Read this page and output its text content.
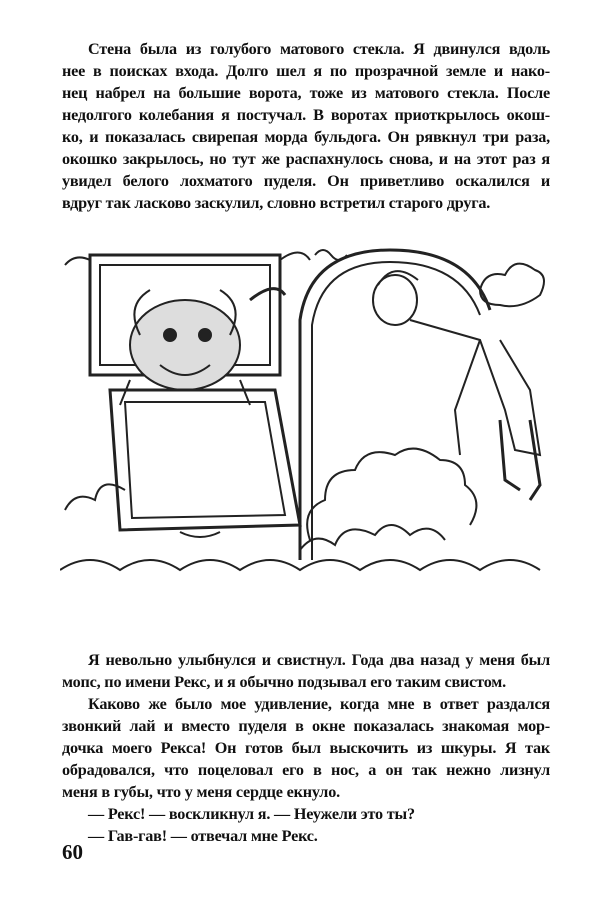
Стена была из голубого матового стекла. Я двинулся вдоль
нее в поисках входа. Долго шел я по прозрачной земле и нако-
нец набрел на большие ворота, тоже из матового стекла. После
недолгого колебания я постучал. В воротах приоткрылось окош-
ко, и показалась свирепая морда бульдога. Он рявкнул три раза,
окошко закрылось, но тут же распахнулось снова, и на этот раз я
увидел белого лохматого пуделя. Он приветливо оскалился и
вдруг так ласково заскулил, словно встретил старого друга.
Я невольно улыбнулся и свистнул. Года два назад у меня был
мопс, по имени Рекс, и я обычно подзывал его таким свистом.
Каково же было мое удивление, когда мне в ответ раздался
звонкий лай и вместо пуделя в окне показалась знакомая мор-
дочка моего Рекса! Он готов был выскочить из шкуры. Я так
обрадовался, что поцеловал его в нос, а он так нежно лизнул
меня в губы, что у меня сердце екнуло.
— Рекс! — воскликнул я. — Неужели это ты?
— Гав-гав! — отвечал мне Рекс.
60
